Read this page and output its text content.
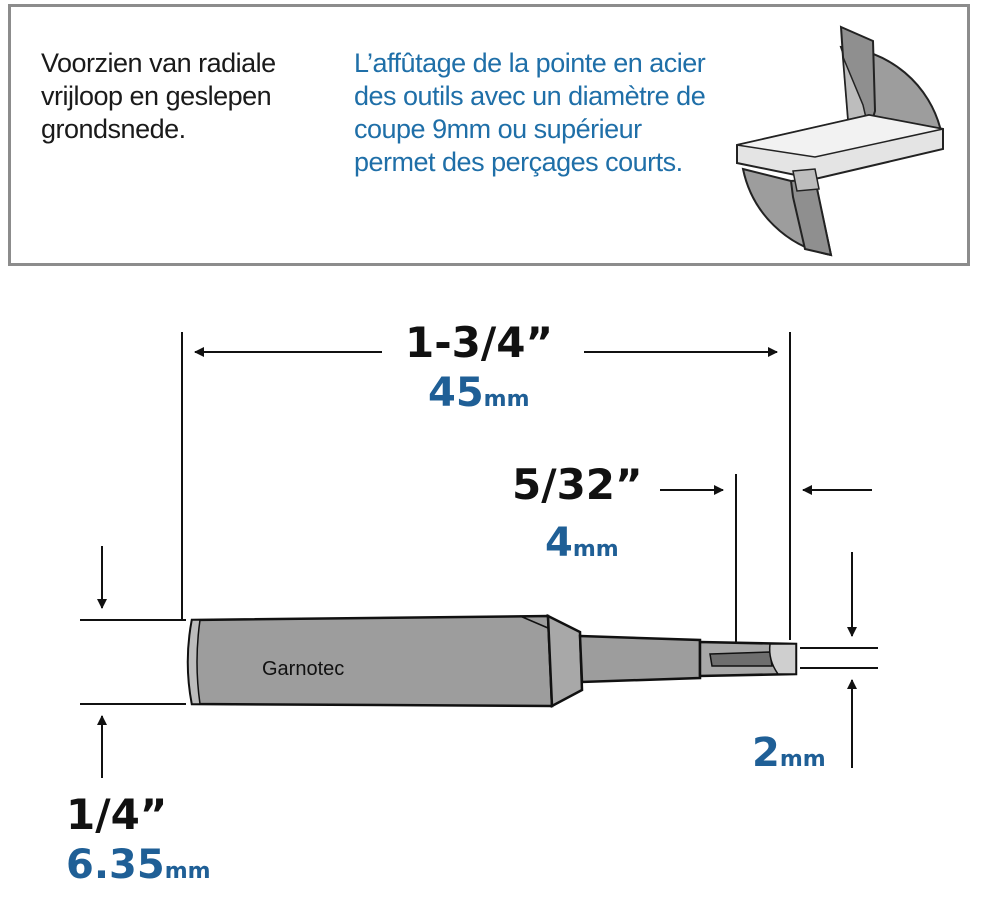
Voorzien van radiale vrijloop en geslepen grondsnede.
L’affûtage de la pointe en acier des outils avec un diamètre de coupe 9mm ou supérieur permet des perçages courts.
Garnotec
1-3/4”
45mm
5/32”
4mm
2mm
1/4”
6.35mm
